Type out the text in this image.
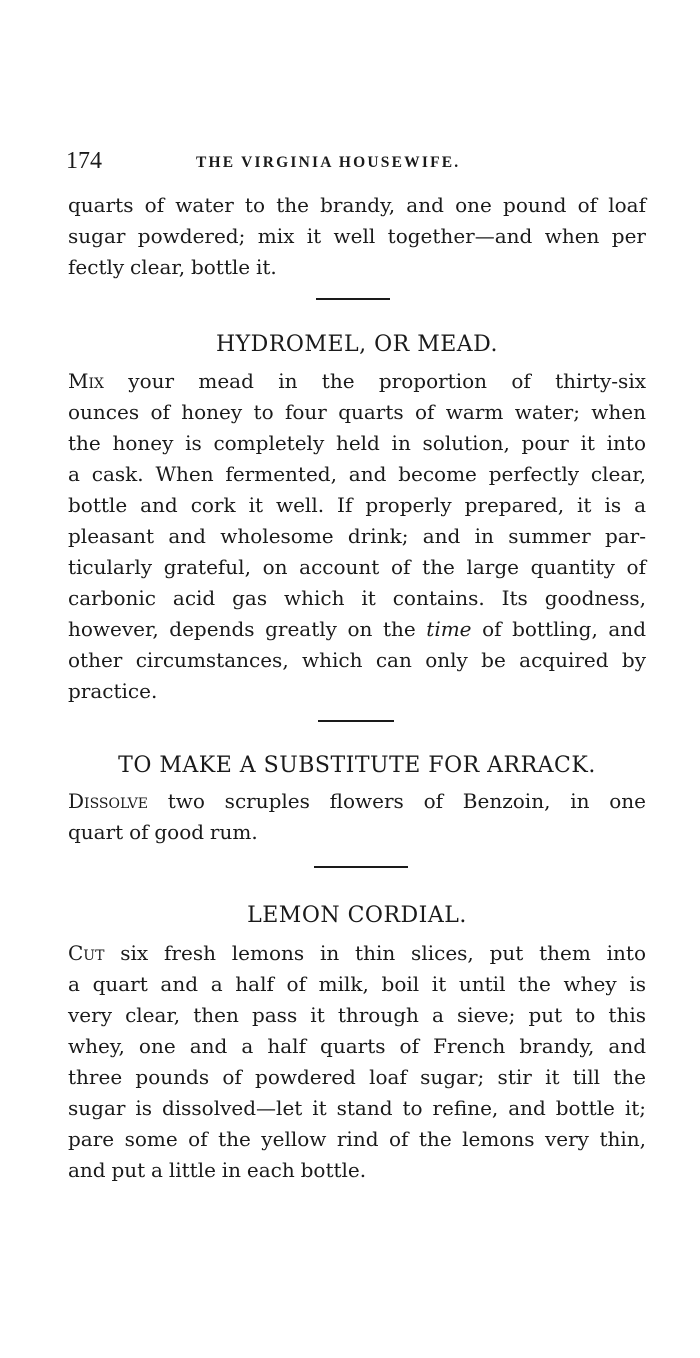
174	THE VIRGINIA HOUSEWIFE.
quarts of water to the brandy, and one pound of loaf
sugar powdered; mix it well together—and when per
fectly clear, bottle it.
HYDROMEL, OR MEAD.
Mix your mead in the proportion of thirty-six
ounces of honey to four quarts of warm water; when
the honey is completely held in solution, pour it into
a cask. When fermented, and become perfectly clear,
bottle and cork it well. If properly prepared, it is a
pleasant and wholesome drink; and in summer par-
ticularly grateful, on account of the large quantity of
carbonic acid gas which it contains. Its goodness,
however, depends greatly on the time of bottling, and
other circumstances, which can only be acquired by
practice.
TO MAKE A SUBSTITUTE FOR ARRACK.
Dissolve two scruples flowers of Benzoin, in one
quart of good rum.
LEMON CORDIAL.
Cut six fresh lemons in thin slices, put them into
a quart and a half of milk, boil it until the whey is
very clear, then pass it through a sieve; put to this
whey, one and a half quarts of French brandy, and
three pounds of powdered loaf sugar; stir it till the
sugar is dissolved—let it stand to refine, and bottle it;
pare some of the yellow rind of the lemons very thin,
and put a little in each bottle.
